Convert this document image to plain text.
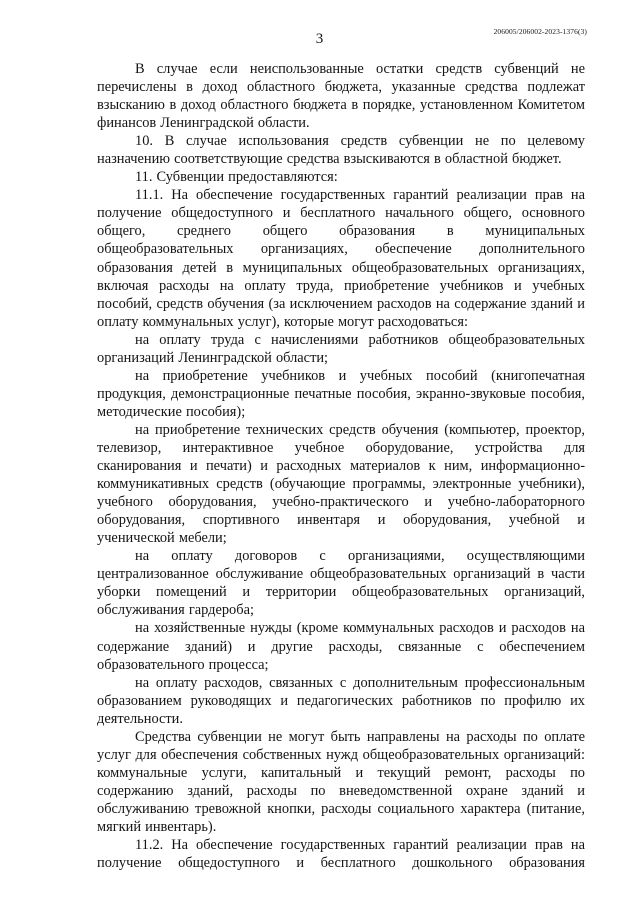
3	206005/206002-2023-1376(3)

В случае если неиспользованные остатки средств субвенций не перечислены в доход областного бюджета, указанные средства подлежат взысканию в доход областного бюджета в порядке, установленном Комитетом финансов Ленинградской области.

10. В случае использования средств субвенции не по целевому назначению соответствующие средства взыскиваются в областной бюджет.

11. Субвенции предоставляются:

11.1. На обеспечение государственных гарантий реализации прав на получение общедоступного и бесплатного начального общего, основного общего, среднего общего образования в муниципальных общеобразовательных организациях, обеспечение дополнительного образования детей в муниципальных общеобразовательных организациях, включая расходы на оплату труда, приобретение учебников и учебных пособий, средств обучения (за исключением расходов на содержание зданий и оплату коммунальных услуг), которые могут расходоваться:

на оплату труда с начислениями работников общеобразовательных организаций Ленинградской области;

на приобретение учебников и учебных пособий (книгопечатная продукция, демонстрационные печатные пособия, экранно-звуковые пособия, методические пособия);

на приобретение технических средств обучения (компьютер, проектор, телевизор, интерактивное учебное оборудование, устройства для сканирования и печати) и расходных материалов к ним, информационно-коммуникативных средств (обучающие программы, электронные учебники), учебного оборудования, учебно-практического и учебно-лабораторного оборудования, спортивного инвентаря и оборудования, учебной и ученической мебели;

на оплату договоров с организациями, осуществляющими централизованное обслуживание общеобразовательных организаций в части уборки помещений и территории общеобразовательных организаций, обслуживания гардероба;

на хозяйственные нужды (кроме коммунальных расходов и расходов на содержание зданий) и другие расходы, связанные с обеспечением образовательного процесса;

на оплату расходов, связанных с дополнительным профессиональным образованием руководящих и педагогических работников по профилю их деятельности.

Средства субвенции не могут быть направлены на расходы по оплате услуг для обеспечения собственных нужд общеобразовательных организаций: коммунальные услуги, капитальный и текущий ремонт, расходы по содержанию зданий, расходы по вневедомственной охране зданий и обслуживанию тревожной кнопки, расходы социального характера (питание, мягкий инвентарь).

11.2. На обеспечение государственных гарантий реализации прав на получение общедоступного и бесплатного дошкольного образования
